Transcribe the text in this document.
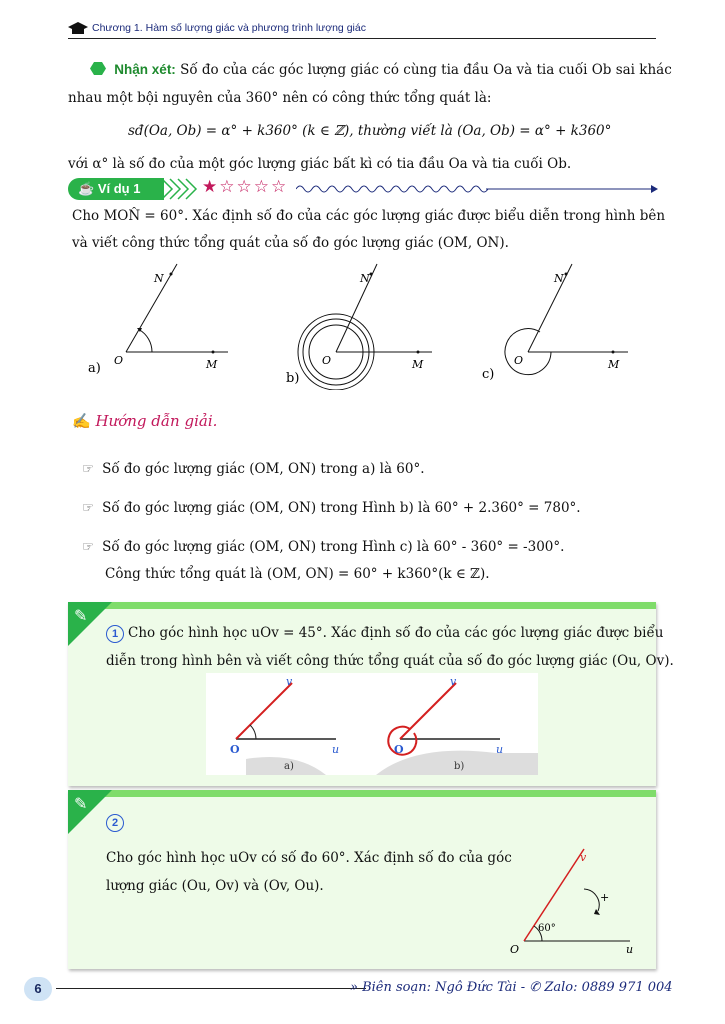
Chương 1. Hàm số lượng giác và phương trình lượng giác
Nhận xét: Số đo của các góc lượng giác có cùng tia đầu Oa và tia cuối Ob sai khác
nhau một bội nguyên của 360° nên có công thức tổng quát là:
sđ(Oa, Ob) = α° + k360° (k ∈ ℤ), thường viết là (Oa, Ob) = α° + k360°
với α° là số đo của một góc lượng giác bất kì có tia đầu Oa và tia cuối Ob.
☕ Ví dụ 1	★☆☆☆☆
Cho MON̂ = 60°. Xác định số đo của các góc lượng giác được biểu diễn trong hình bên
và viết công thức tổng quát của số đo góc lượng giác (OM, ON).
O	M
N
a)
O	M
N
b)
O	M
N
c)
✍ Hướng dẫn giải.
☞ Số đo góc lượng giác (OM, ON) trong a) là 60°.
☞ Số đo góc lượng giác (OM, ON) trong Hình b) là 60° + 2.360° = 780°.
☞ Số đo góc lượng giác (OM, ON) trong Hình c) là 60° - 360° = -300°.
Công thức tổng quát là (OM, ON) = 60° + k360°(k ∈ ℤ).
✎
1 Cho góc hình học uOv = 45°. Xác định số đo của các góc lượng giác được biểu
diễn trong hình bên và viết công thức tổng quát của số đo góc lượng giác (Ou, Ov).
O	u
v
a)
O	u
v
b)
✎
2
Cho góc hình học uOv có số đo 60°. Xác định số đo của góc
lượng giác (Ou, Ov) và (Ov, Ou).
+
60°
O	u
v
6	» Biên soạn: Ngô Đức Tài - ✆ Zalo: 0889 971 004
